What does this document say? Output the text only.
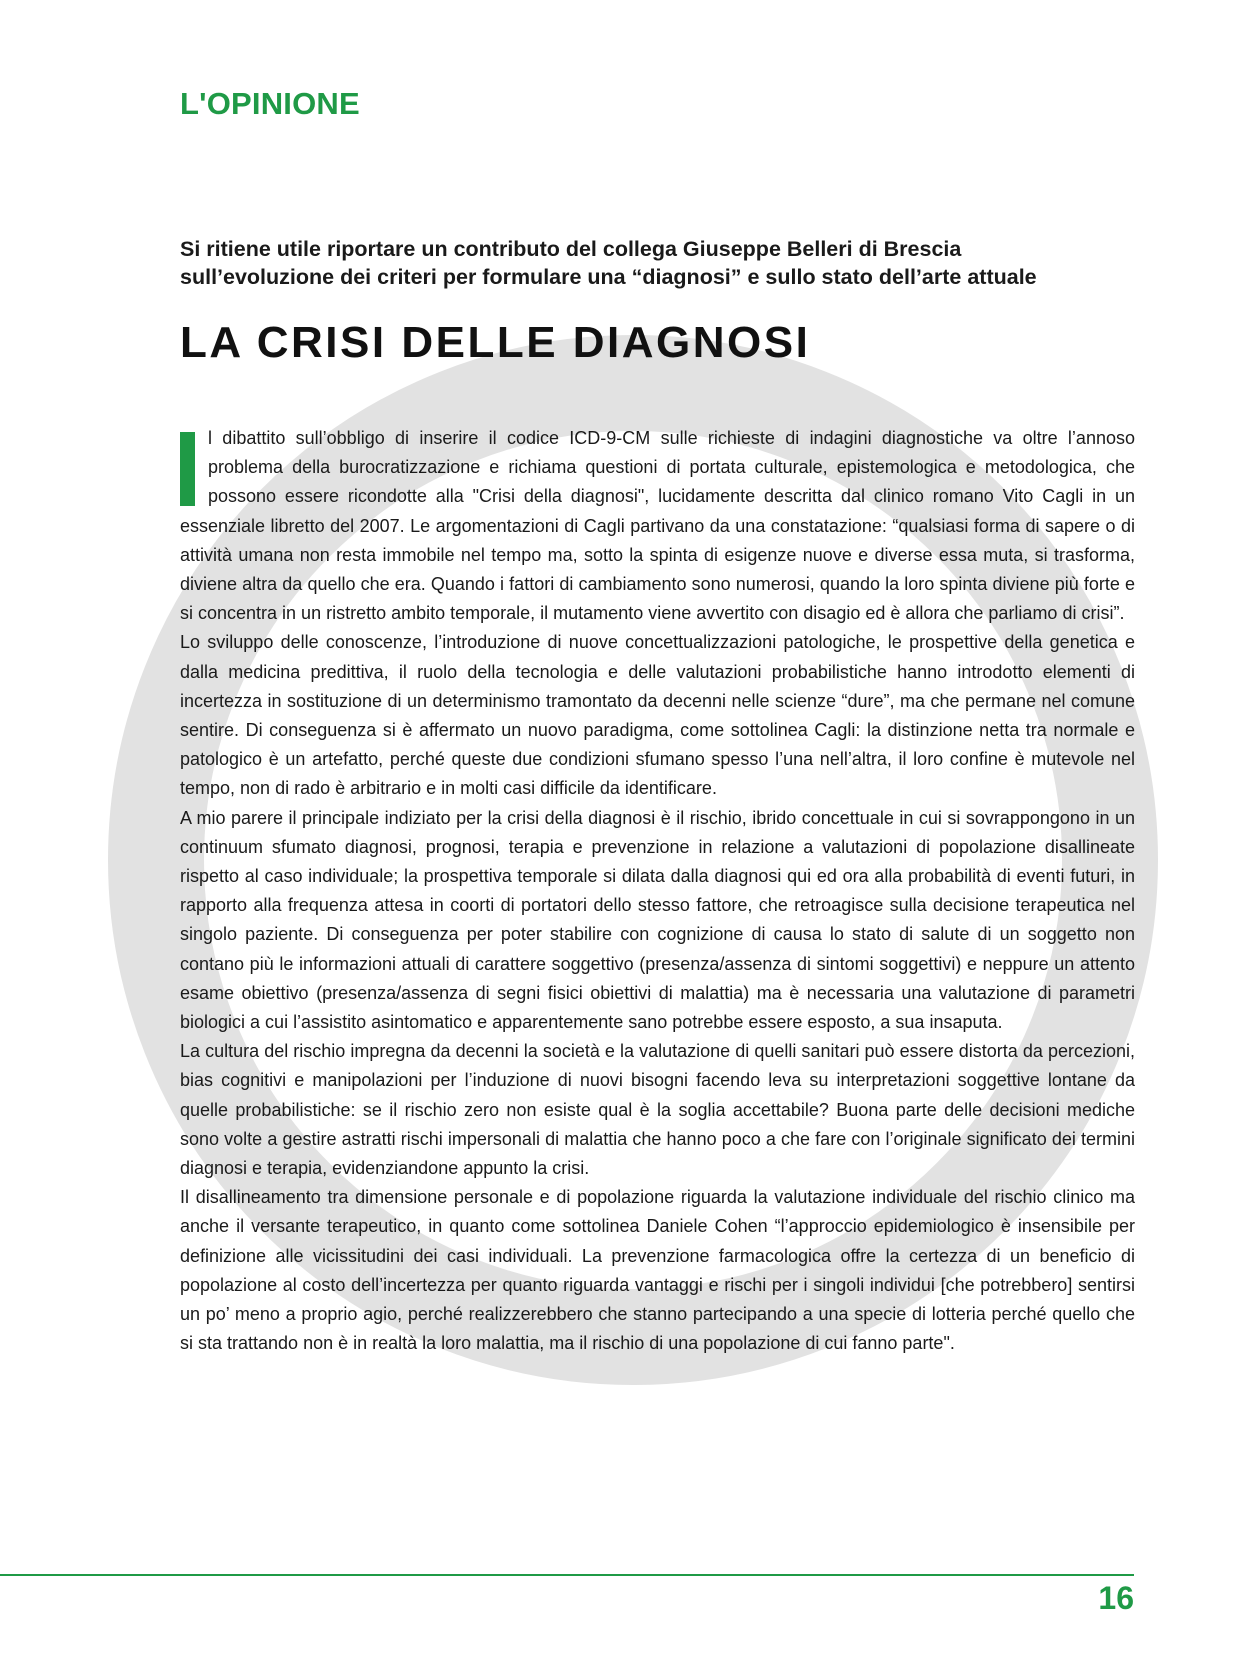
L'OPINIONE
Si ritiene utile riportare un contributo del collega Giuseppe Belleri di Brescia
sull’evoluzione dei criteri per formulare una “diagnosi” e sullo stato dell’arte attuale
LA CRISI DELLE DIAGNOSI

l dibattito sull’obbligo di inserire il codice ICD-9-CM sulle richieste di indagini diagnostiche va oltre l’annoso problema della burocratizzazione e richiama questioni di portata culturale, epistemologica e metodologica, che possono essere ricondotte alla "Crisi della diagnosi", lucidamente descritta dal clinico romano Vito Cagli in un essenziale libretto del 2007. Le argomentazioni di Cagli partivano da una constatazione: “qualsiasi forma di sapere o di attività umana non resta immobile nel tempo ma, sotto la spinta di esigenze nuove e diverse essa muta, si trasforma, diviene altra da quello che era. Quando i fattori di cambiamento sono numerosi, quando la loro spinta diviene più forte e si concentra in un ristretto ambito temporale, il mutamento viene avvertito con disagio ed è allora che parliamo di crisi”.

Lo sviluppo delle conoscenze, l’introduzione di nuove concettualizzazioni patologiche, le prospettive della genetica e dalla medicina predittiva, il ruolo della tecnologia e delle valutazioni probabilistiche hanno introdotto elementi di incertezza in sostituzione di un determinismo tramontato da decenni nelle scienze “dure”, ma che permane nel comune sentire. Di conseguenza si è affermato un nuovo paradigma, come sottolinea Cagli: la distinzione netta tra normale e patologico è un artefatto, perché queste due condizioni sfumano spesso l’una nell’altra, il loro confine è mutevole nel tempo, non di rado è arbitrario e in molti casi difficile da identificare.

A mio parere il principale indiziato per la crisi della diagnosi è il rischio, ibrido concettuale in cui si sovrappongono in un continuum sfumato diagnosi, prognosi, terapia e prevenzione in relazione a valutazioni di popolazione disallineate rispetto al caso individuale; la prospettiva temporale si dilata dalla diagnosi qui ed ora alla probabilità di eventi futuri, in rapporto alla frequenza attesa in coorti di portatori dello stesso fattore, che retroagisce sulla decisione terapeutica nel singolo paziente. Di conseguenza per poter stabilire con cognizione di causa lo stato di salute di un soggetto non contano più le informazioni attuali di carattere soggettivo (presenza/assenza di sintomi soggettivi) e neppure un attento esame obiettivo (presenza/assenza di segni fisici obiettivi di malattia) ma è necessaria una valutazione di parametri biologici a cui l’assistito asintomatico e apparentemente sano potrebbe essere esposto, a sua insaputa.

La cultura del rischio impregna da decenni la società e la valutazione di quelli sanitari può essere distorta da percezioni, bias cognitivi e manipolazioni per l’induzione di nuovi bisogni facendo leva su interpretazioni soggettive lontane da quelle probabilistiche: se il rischio zero non esiste qual è la soglia accettabile? Buona parte delle decisioni mediche sono volte a gestire astratti rischi impersonali di malattia che hanno poco a che fare con l’originale significato dei termini diagnosi e terapia, evidenziandone appunto la crisi.

Il disallineamento tra dimensione personale e di popolazione riguarda la valutazione individuale del rischio clinico ma anche il versante terapeutico, in quanto come sottolinea Daniele Cohen “l’approccio epidemiologico è insensibile per definizione alle vicissitudini dei casi individuali. La prevenzione farmacologica offre la certezza di un beneficio di popolazione al costo dell’incertezza per quanto riguarda vantaggi e rischi per i singoli individui [che potrebbero] sentirsi un po’ meno a proprio agio, perché realizzerebbero che stanno partecipando a una specie di lotteria perché quello che si sta trattando non è in realtà la loro malattia, ma il rischio di una popolazione di cui fanno parte".

16
